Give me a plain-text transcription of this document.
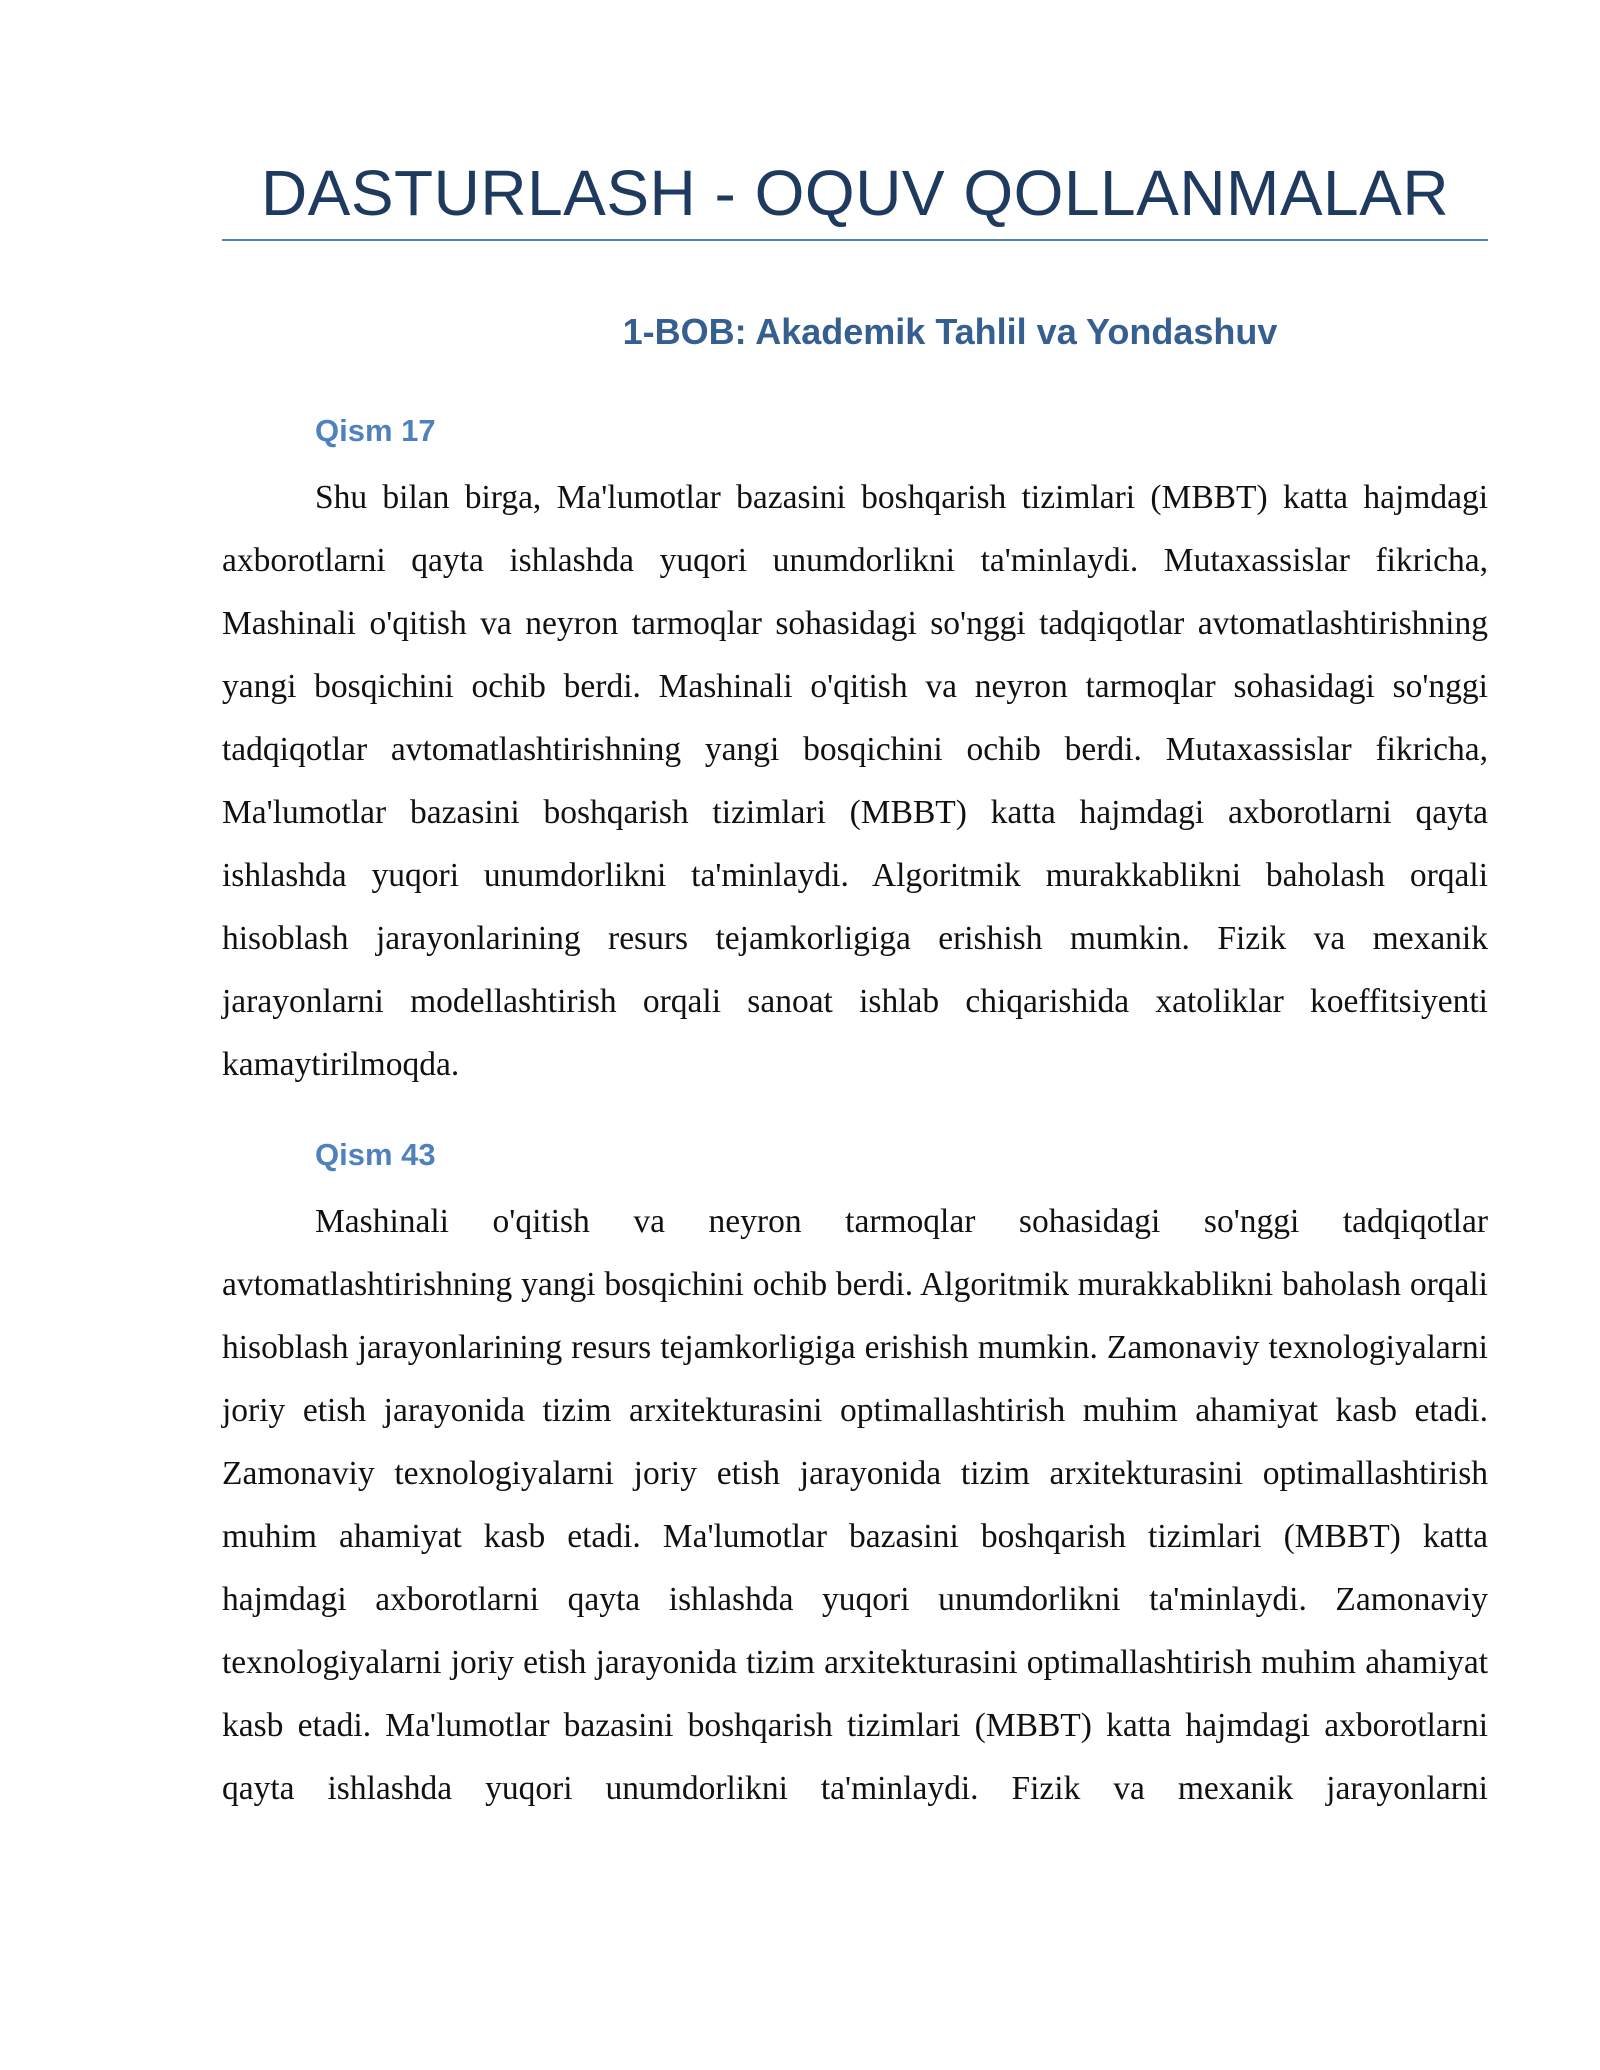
DASTURLASH - OQUV QOLLANMALAR
1-BOB: Akademik Tahlil va Yondashuv
Qism 17

Shu bilan birga, Ma'lumotlar bazasini boshqarish tizimlari (MBBT) katta hajmdagi axborotlarni qayta ishlashda yuqori unumdorlikni ta'minlaydi. Mutaxassislar fikricha, Mashinali o'qitish va neyron tarmoqlar sohasidagi so'nggi tadqiqotlar avtomatlashtirishning yangi bosqichini ochib berdi. Mashinali o'qitish va neyron tarmoqlar sohasidagi so'nggi tadqiqotlar avtomatlashtirishning yangi bosqichini ochib berdi. Mutaxassislar fikricha, Ma'lumotlar bazasini boshqarish tizimlari (MBBT) katta hajmdagi axborotlarni qayta ishlashda yuqori unumdorlikni ta'minlaydi. Algoritmik murakkablikni baholash orqali hisoblash jarayonlarining resurs tejamkorligiga erishish mumkin. Fizik va mexanik jarayonlarni modellashtirish orqali sanoat ishlab chiqarishida xatoliklar koeffitsiyenti kamaytirilmoqda.

Qism 43

Mashinali o'qitish va neyron tarmoqlar sohasidagi so'nggi tadqiqotlar avtomatlashtirishning yangi bosqichini ochib berdi. Algoritmik murakkablikni baholash orqali hisoblash jarayonlarining resurs tejamkorligiga erishish mumkin. Zamonaviy texnologiyalarni joriy etish jarayonida tizim arxitekturasini optimallashtirish muhim ahamiyat kasb etadi. Zamonaviy texnologiyalarni joriy etish jarayonida tizim arxitekturasini optimallashtirish muhim ahamiyat kasb etadi. Ma'lumotlar bazasini boshqarish tizimlari (MBBT) katta hajmdagi axborotlarni qayta ishlashda yuqori unumdorlikni ta'minlaydi. Zamonaviy texnologiyalarni joriy etish jarayonida tizim arxitekturasini optimallashtirish muhim ahamiyat kasb etadi. Ma'lumotlar bazasini boshqarish tizimlari (MBBT) katta hajmdagi axborotlarni qayta ishlashda yuqori unumdorlikni ta'minlaydi. Fizik va mexanik jarayonlarni
